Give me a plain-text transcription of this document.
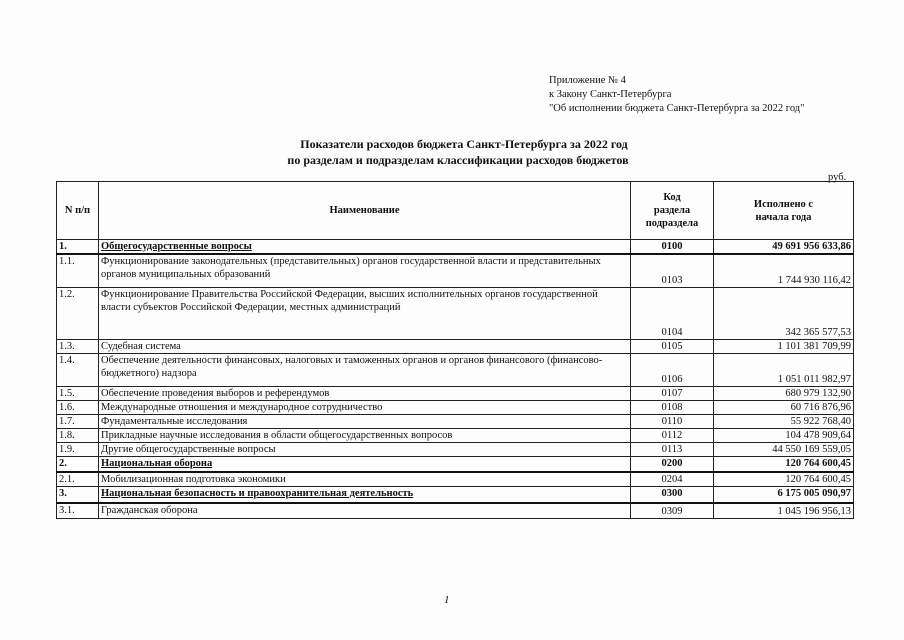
Приложение № 4
к Закону Санкт-Петербурга
"Об исполнении бюджета Санкт-Петербурга за 2022 год"
Показатели расходов бюджета Санкт-Петербурга за 2022 год
по разделам и подразделам классификации расходов бюджетов
руб.
N п/п	Наименование	Код раздела подраздела	Исполнено с начала года
1.	Общегосударственные вопросы	0100	49 691 956 633,86
1.1.	Функционирование законодательных (представительных) органов государственной власти и представительных органов муниципальных образований	0103	1 744 930 116,42
1.2.	Функционирование Правительства Российской Федерации, высших исполнительных органов государственной власти субъектов Российской Федерации, местных администраций	0104	342 365 577,53
1.3.	Судебная система	0105	1 101 381 709,99
1.4.	Обеспечение деятельности финансовых, налоговых и таможенных органов и органов финансового (финансово-бюджетного) надзора	0106	1 051 011 982,97
1.5.	Обеспечение проведения выборов и референдумов	0107	680 979 132,90
1.6.	Международные отношения и международное сотрудничество	0108	60 716 876,96
1.7.	Фундаментальные исследования	0110	55 922 768,40
1.8.	Прикладные научные исследования в области общегосударственных вопросов	0112	104 478 909,64
1.9.	Другие общегосударственные вопросы	0113	44 550 169 559,05
2.	Национальная оборона	0200	120 764 600,45
2.1.	Мобилизационная подготовка экономики	0204	120 764 600,45
3.	Национальная безопасность и правоохранительная деятельность	0300	6 175 005 090,97
3.1.	Гражданская оборона	0309	1 045 196 956,13
1
